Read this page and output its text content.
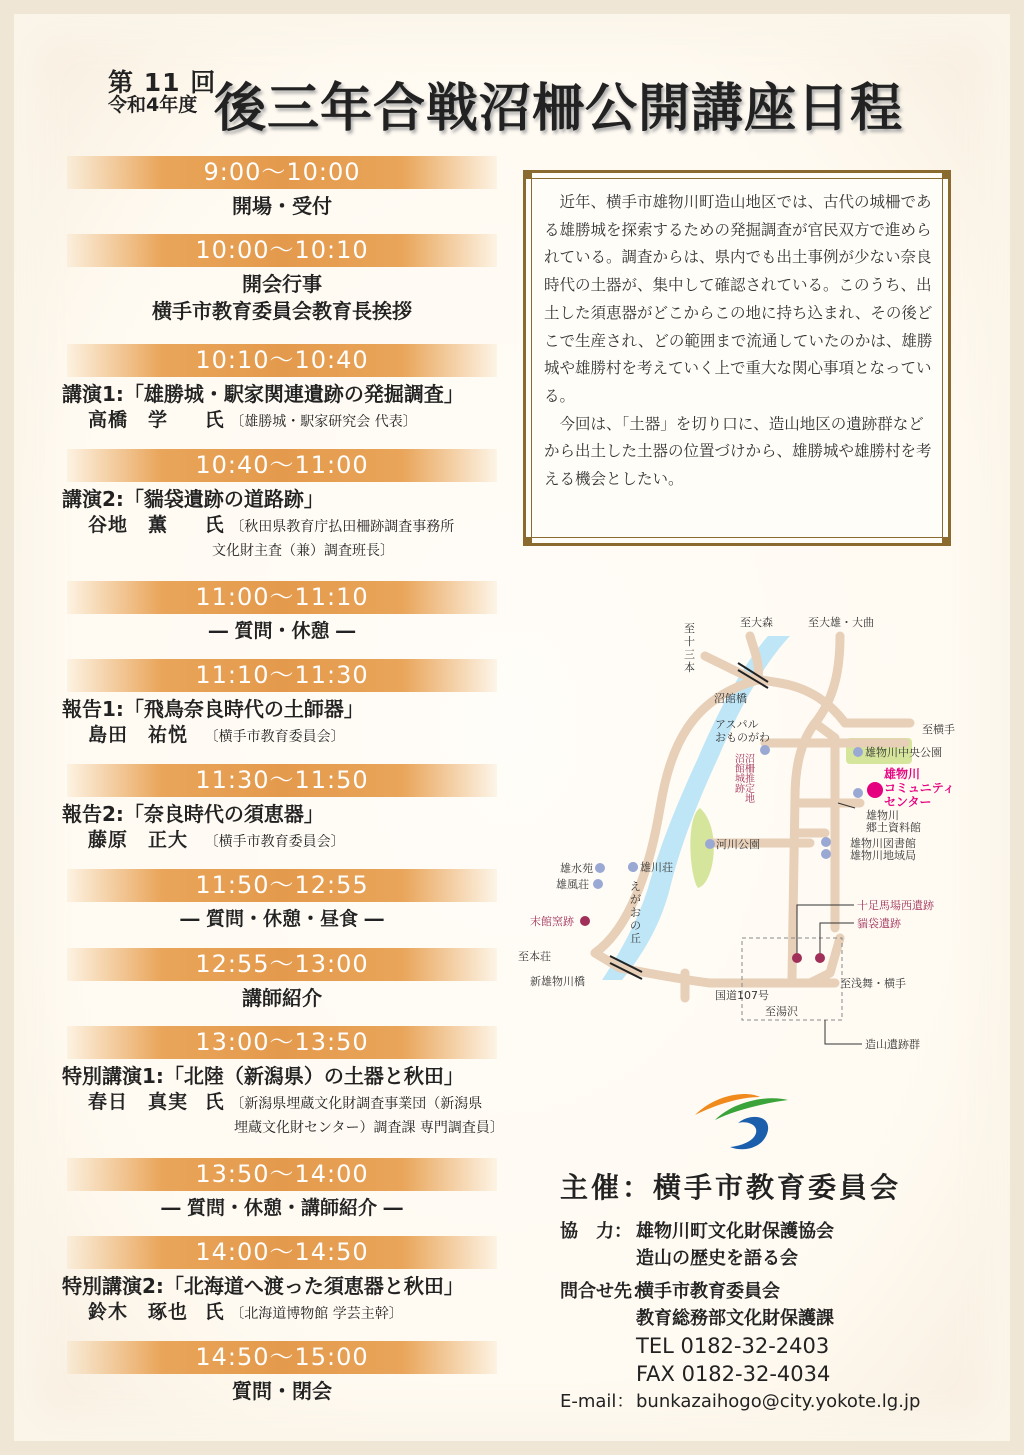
第 11 回
令和4年度 後三年合戦沼柵公開講座日程
9:00〜10:00
開場・受付
10:00〜10:10
開会行事
横手市教育委員会教育長挨拶
10:10〜10:40
講演1:「雄勝城・駅家関連遺跡の発掘調査」
高橋　学 氏 〔雄勝城・駅家研究会 代表〕
10:40〜11:00
講演2:「貒袋遺跡の道路跡」
谷地　薫 氏 〔秋田県教育庁払田柵跡調査事務所
文化財主査（兼）調査班長〕
11:00〜11:10
― 質問・休憩 ―
11:10〜11:30
報告1:「飛鳥奈良時代の土師器」
島田　祐悦 〔横手市教育委員会〕
11:30〜11:50
報告2:「奈良時代の須恵器」
藤原　正大 〔横手市教育委員会〕
11:50〜12:55
― 質問・休憩・昼食 ―
12:55〜13:00
講師紹介
13:00〜13:50
特別講演1:「北陸（新潟県）の土器と秋田」
春日　真実 氏 〔新潟県埋蔵文化財調査事業団（新潟県
埋蔵文化財センター）調査課 専門調査員〕
13:50〜14:00
― 質問・休憩・講師紹介 ―
14:00〜14:50
特別講演2:「北海道へ渡った須恵器と秋田」
鈴木　琢也 氏 〔北海道博物館 学芸主幹〕
14:50〜15:00
質問・閉会

近年、横手市雄物川町造山地区では、古代の城柵である雄勝城を探索するための発掘調査が官民双方で進められている。調査からは、県内でも出土事例が少ない奈良時代の土器が、集中して確認されている。このうち、出土した須恵器がどこからこの地に持ち込まれ、その後どこで生産され、どの範囲まで流通していたのかは、雄勝城や雄勝村を考えていく上で重大な関心事項となっている。

今回は、「土器」を切り口に、造山地区の遺跡群などから出土した土器の位置づけから、雄勝城や雄勝村を考える機会としたい。

至大森	至大雄・大曲
至
十
三
本
至横手
沼館橋
アスパル
おものがわ
雄物川中央公園
雄物川
コミュニティ
センター
雄物川
郷土資料館
雄物川図書館
雄物川地域局
河川公園
雄水苑
雄風荘
雄川荘
え
が
お
の
丘
末館窯跡
十足馬場西遺跡
貒袋遺跡
至本荘
新雄物川橋
国道107号
至湯沢
至浅舞・横手
造山遺跡群
沼柵推定地
沼館城跡
主催：横手市教育委員会
協　力： 雄物川町文化財保護協会
造山の歴史を語る会
問合せ先：
横手市教育委員会
教育総務部文化財保護課
TEL 0182-32-2403
FAX 0182-32-4034
E-mail： bunkazaihogo@city.yokote.lg.jp
